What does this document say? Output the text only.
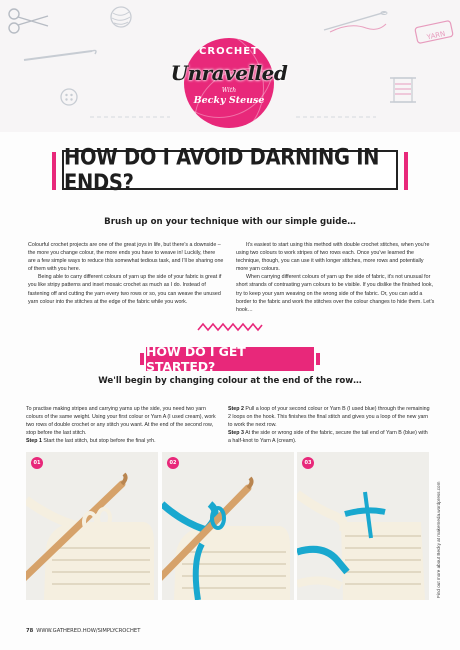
YARN
CROCHET
Unravelled
With
Becky Steuse
HOW DO I AVOID DARNING IN ENDS?
Brush up on your technique with our simple guide…

Colourful crochet projects are one of the great joys in life, but there's a downside – the more you change colour, the more ends you have to weave in! Luckily, there are a few simple ways to reduce this somewhat tedious task, and I'll be sharing one of them with you here.

Being able to carry different colours of yarn up the side of your fabric is great if you like stripy patterns and inset mosaic crochet as much as I do. Instead of fastening off and cutting the yarn every two rows or so, you can weave the unused yarn colour into the stitches at the edge of the fabric while you work.

It's easiest to start using this method with double crochet stitches, when you're using two colours to work stripes of two rows each. Once you've learned the technique, though, you can use it with longer stitches, more rows and potentially more yarn colours.

When carrying different colours of yarn up the side of fabric, it's not unusual for short strands of contrasting yarn colours to be visible. If you dislike the finished look, try to keep your yarn weaving on the wrong side of the fabric. Or, you can add a border to the fabric and work the stitches over the colour changes to hide them. Let's hook…

HOW DO I GET STARTED?
We'll begin by changing colour at the end of the row…

To practise making stripes and carrying yarns up the side, you need two yarn colours of the same weight. Using your first colour or Yarn A (I used cream), work two rows of double crochet or any stitch you want. At the end of the second row, stop before the last stitch.
Step 1 Start the last stitch, but stop before the final yrh.

Step 2 Pull a loop of your second colour or Yarn B (I used blue) through the remaining 2 loops on the hook. This finishes the final stitch and gives you a loop of the new yarn to work the next row.
Step 3 At the side or wrong side of the fabric, secure the tail end of Yarn B (blue) with a half-knot to Yarn A (cream).

01	02	03
Find out more about Becky at makemeda.wordpress.com
78 WWW.GATHERED.HOW/SIMPLYCROCHET
